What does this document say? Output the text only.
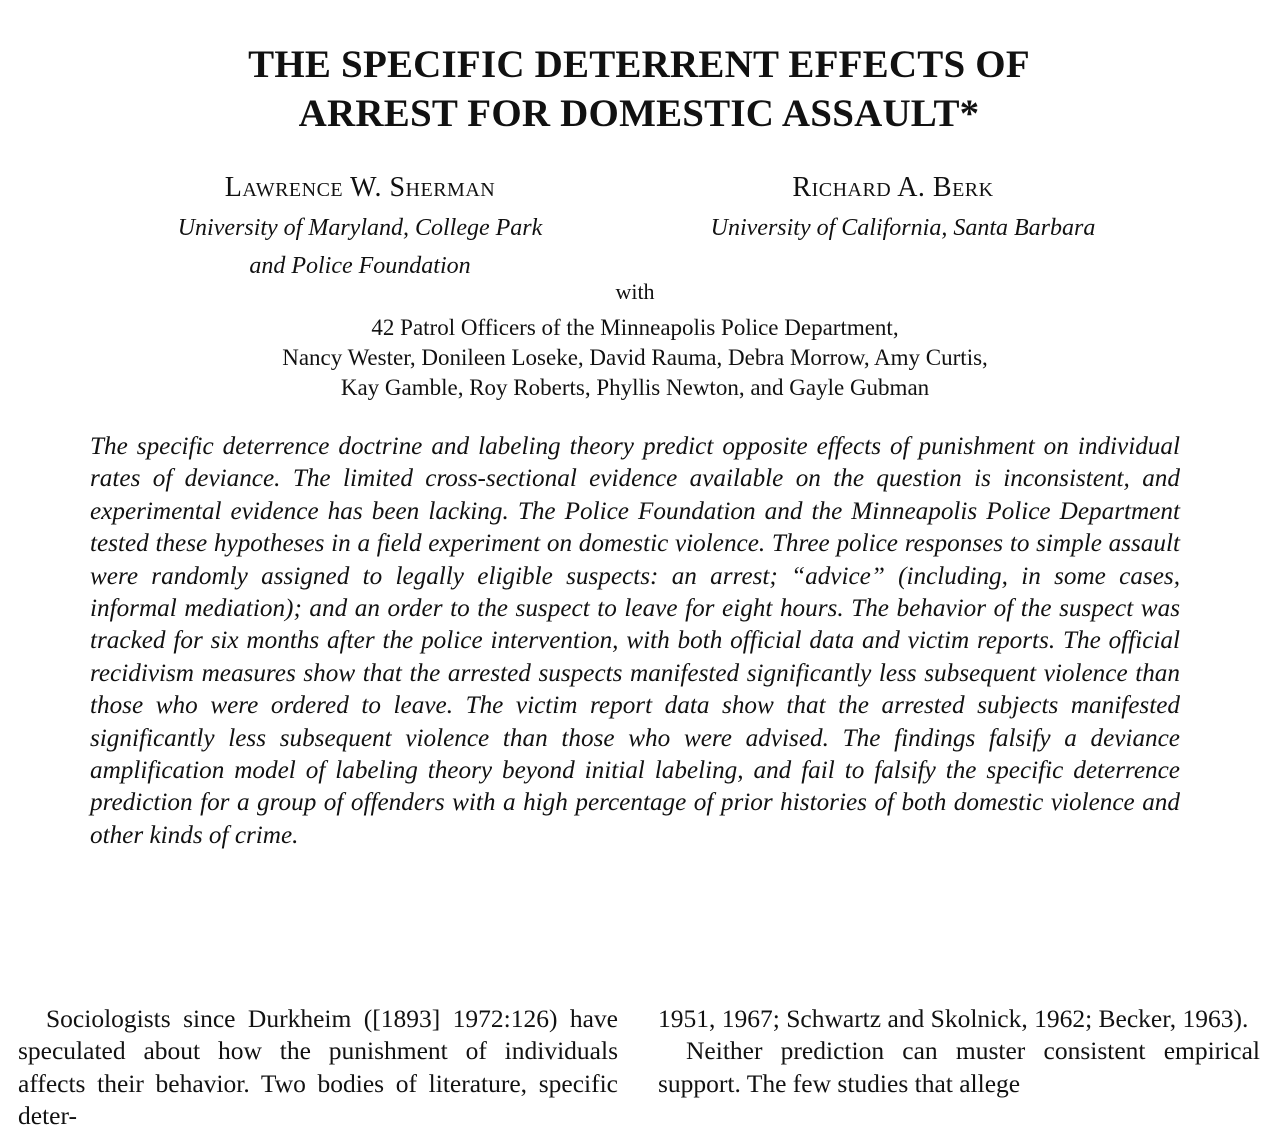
THE SPECIFIC DETERRENT EFFECTS OF
ARREST FOR DOMESTIC ASSAULT*
Lawrence W. Sherman
University of Maryland, College Park
and Police Foundation
Richard A. Berk
University of California, Santa Barbara
with
42 Patrol Officers of the Minneapolis Police Department,
Nancy Wester, Donileen Loseke, David Rauma, Debra Morrow, Amy Curtis,
Kay Gamble, Roy Roberts, Phyllis Newton, and Gayle Gubman

The specific deterrence doctrine and labeling theory predict opposite effects of punishment on individual rates of deviance. The limited cross-sectional evidence available on the question is inconsistent, and experimental evidence has been lacking. The Police Foundation and the Minneapolis Police Department tested these hypotheses in a field experiment on domestic violence. Three police responses to simple assault were randomly assigned to legally eligible suspects: an arrest; “advice” (including, in some cases, informal mediation); and an order to the suspect to leave for eight hours. The behavior of the suspect was tracked for six months after the police intervention, with both official data and victim reports. The official recidivism measures show that the arrested suspects manifested significantly less subsequent violence than those who were ordered to leave. The victim report data show that the arrested subjects manifested significantly less subsequent violence than those who were advised. The findings falsify a deviance amplification model of labeling theory beyond initial labeling, and fail to falsify the specific deterrence prediction for a group of offenders with a high percentage of prior histories of both domestic violence and other kinds of crime.

Sociologists since Durkheim ([1893] 1972:126) have speculated about how the punishment of individuals affects their behavior. Two bodies of literature, specific deter-

1951, 1967; Schwartz and Skolnick, 1962; Becker, 1963).

Neither prediction can muster consistent empirical support. The few studies that allege
